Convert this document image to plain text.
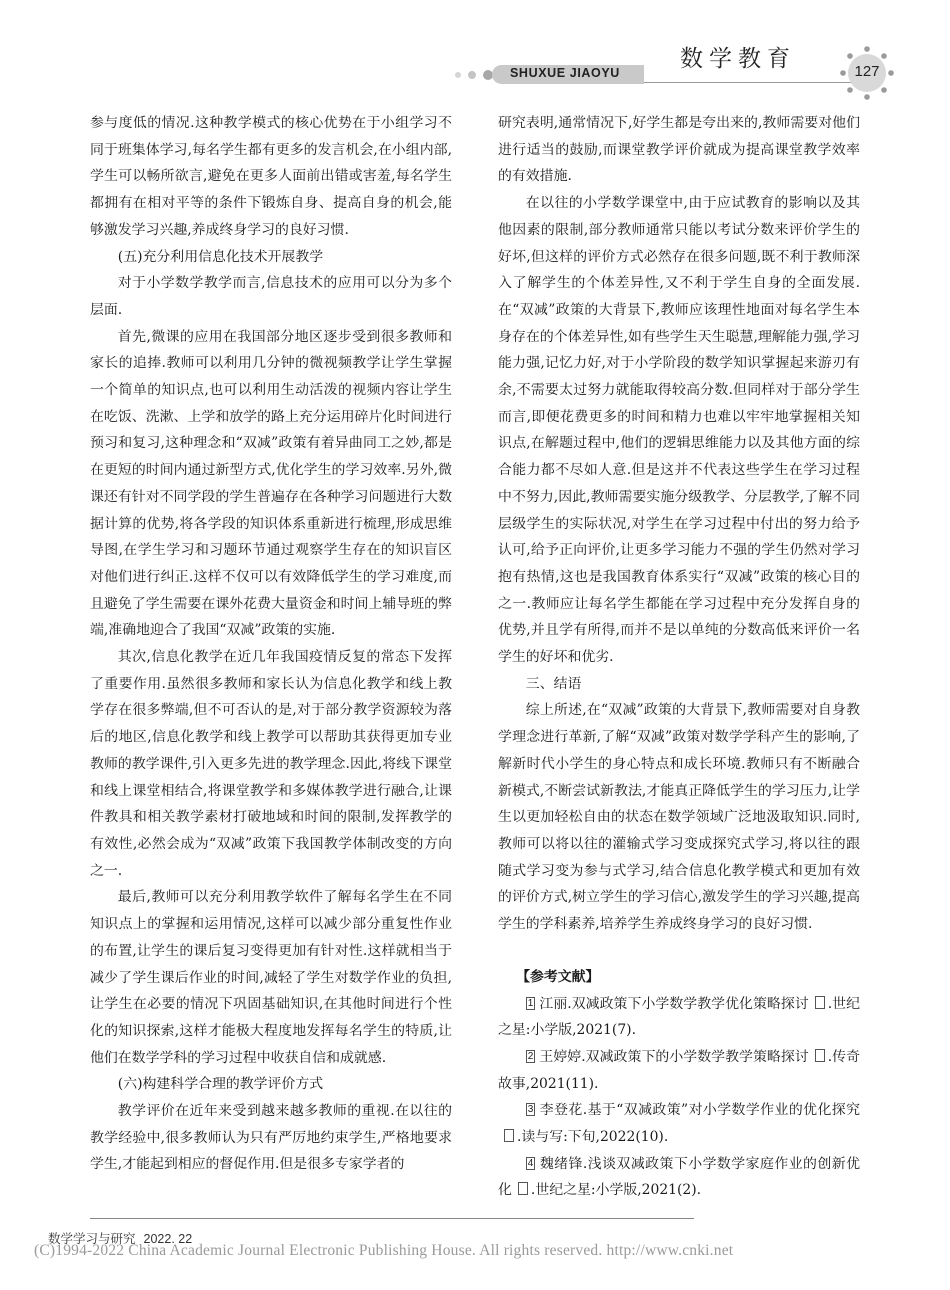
数学教育
SHUXUE JIAOYU	127

参与度低的情况.这种教学模式的核心优势在于小组学习不同于班集体学习,每名学生都有更多的发言机会,在小组内部,学生可以畅所欲言,避免在更多人面前出错或害羞,每名学生都拥有在相对平等的条件下锻炼自身、提高自身的机会,能够激发学习兴趣,养成终身学习的良好习惯.

(五)充分利用信息化技术开展教学

对于小学数学教学而言,信息技术的应用可以分为多个层面.

首先,微课的应用在我国部分地区逐步受到很多教师和家长的追捧.教师可以利用几分钟的微视频教学让学生掌握一个简单的知识点,也可以利用生动活泼的视频内容让学生在吃饭、洗漱、上学和放学的路上充分运用碎片化时间进行预习和复习,这种理念和“双减”政策有着异曲同工之妙,都是在更短的时间内通过新型方式,优化学生的学习效率.另外,微课还有针对不同学段的学生普遍存在各种学习问题进行大数据计算的优势,将各学段的知识体系重新进行梳理,形成思维导图,在学生学习和习题环节通过观察学生存在的知识盲区对他们进行纠正.这样不仅可以有效降低学生的学习难度,而且避免了学生需要在课外花费大量资金和时间上辅导班的弊端,准确地迎合了我国“双减”政策的实施.

其次,信息化教学在近几年我国疫情反复的常态下发挥了重要作用.虽然很多教师和家长认为信息化教学和线上教学存在很多弊端,但不可否认的是,对于部分教学资源较为落后的地区,信息化教学和线上教学可以帮助其获得更加专业教师的教学课件,引入更多先进的教学理念.因此,将线下课堂和线上课堂相结合,将课堂教学和多媒体教学进行融合,让课件教具和相关教学素材打破地域和时间的限制,发挥教学的有效性,必然会成为“双减”政策下我国教学体制改变的方向之一.

最后,教师可以充分利用教学软件了解每名学生在不同知识点上的掌握和运用情况,这样可以减少部分重复性作业的布置,让学生的课后复习变得更加有针对性.这样就相当于减少了学生课后作业的时间,减轻了学生对数学作业的负担,让学生在必要的情况下巩固基础知识,在其他时间进行个性化的知识探索,这样才能极大程度地发挥每名学生的特质,让他们在数学学科的学习过程中收获自信和成就感.

(六)构建科学合理的教学评价方式

教学评价在近年来受到越来越多教师的重视.在以往的教学经验中,很多教师认为只有严厉地约束学生,严格地要求学生,才能起到相应的督促作用.但是很多专家学者的

研究表明,通常情况下,好学生都是夸出来的,教师需要对他们进行适当的鼓励,而课堂教学评价就成为提高课堂教学效率的有效措施.

在以往的小学数学课堂中,由于应试教育的影响以及其他因素的限制,部分教师通常只能以考试分数来评价学生的好坏,但这样的评价方式必然存在很多问题,既不利于教师深入了解学生的个体差异性,又不利于学生自身的全面发展.在“双减”政策的大背景下,教师应该理性地面对每名学生本身存在的个体差异性,如有些学生天生聪慧,理解能力强,学习能力强,记忆力好,对于小学阶段的数学知识掌握起来游刃有余,不需要太过努力就能取得较高分数.但同样对于部分学生而言,即便花费更多的时间和精力也难以牢牢地掌握相关知识点,在解题过程中,他们的逻辑思维能力以及其他方面的综合能力都不尽如人意.但是这并不代表这些学生在学习过程中不努力,因此,教师需要实施分级教学、分层教学,了解不同层级学生的实际状况,对学生在学习过程中付出的努力给予认可,给予正向评价,让更多学习能力不强的学生仍然对学习抱有热情,这也是我国教育体系实行“双减”政策的核心目的之一.教师应让每名学生都能在学习过程中充分发挥自身的优势,并且学有所得,而并不是以单纯的分数高低来评价一名学生的好坏和优劣.

三、结语

综上所述,在“双减”政策的大背景下,教师需要对自身教学理念进行革新,了解“双减”政策对数学学科产生的影响,了解新时代小学生的身心特点和成长环境.教师只有不断融合新模式,不断尝试新教法,才能真正降低学生的学习压力,让学生以更加轻松自由的状态在数学领域广泛地汲取知识.同时,教师可以将以往的灌输式学习变成探究式学习,将以往的跟随式学习变为参与式学习,结合信息化教学模式和更加有效的评价方式,树立学生的学习信心,激发学生的学习兴趣,提高学生的学科素养,培养学生养成终身学习的良好习惯.

【参考文献】

1 江丽.双减政策下小学数学教学优化策略探讨 .世纪之星:小学版,2021(7).

2 王婷婷.双减政策下的小学数学教学策略探讨 .传奇故事,2021(11).

3 李登花.基于“双减政策”对小学数学作业的优化探究.读与写:下旬,2022(10).

4 魏绪锋.浅谈双减政策下小学数学家庭作业的创新优化 .世纪之星:小学版,2021(2).

数学学习与研究 2022. 22
(C)1994-2022 China Academic Journal Electronic Publishing House. All rights reserved. http://www.cnki.net
